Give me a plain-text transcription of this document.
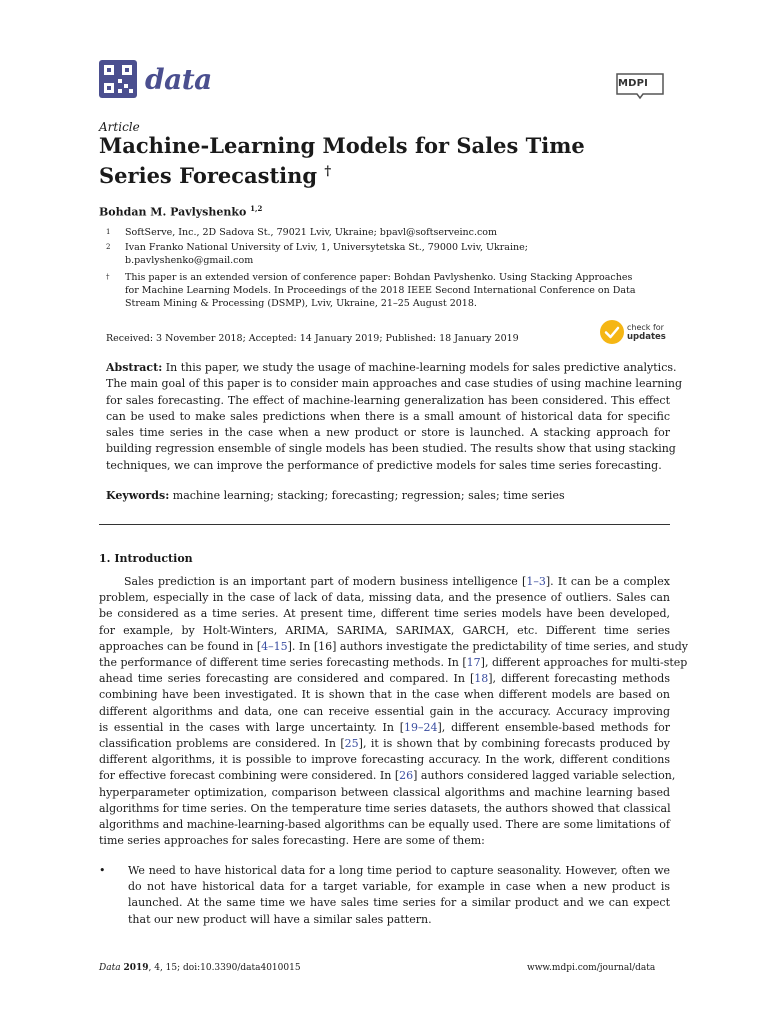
data	MDPI
Article
Machine-Learning Models for Sales Time
Series Forecasting †
Bohdan M. Pavlyshenko $^{1,2}$
1 SoftServe, Inc., 2D Sadova St., 79021 Lviv, Ukraine; bpavl@softserveinc.com
2 Ivan Franko National University of Lviv, 1, Universytetska St., 79000 Lviv, Ukraine;
b.pavlyshenko@gmail.com
† This paper is an extended version of conference paper: Bohdan Pavlyshenko. Using Stacking Approaches
for Machine Learning Models. In Proceedings of the 2018 IEEE Second International Conference on Data
Stream Mining & Processing (DSMP), Lviv, Ukraine, 21–25 August 2018.
Received: 3 November 2018; Accepted: 14 January 2019; Published: 18 January 2019
check for
updates
Abstract: In this paper, we study the usage of machine-learning models for sales predictive analytics.
The main goal of this paper is to consider main approaches and case studies of using machine learning
for sales forecasting. The effect of machine-learning generalization has been considered. This effect
can be used to make sales predictions when there is a small amount of historical data for specific
sales time series in the case when a new product or store is launched. A stacking approach for
building regression ensemble of single models has been studied. The results show that using stacking
techniques, we can improve the performance of predictive models for sales time series forecasting.
Keywords: machine learning; stacking; forecasting; regression; sales; time series
1. Introduction
Sales prediction is an important part of modern business intelligence [1–3]. It can be a complex
problem, especially in the case of lack of data, missing data, and the presence of outliers. Sales can
be considered as a time series. At present time, different time series models have been developed,
for example, by Holt-Winters, ARIMA, SARIMA, SARIMAX, GARCH, etc. Different time series
approaches can be found in [4–15]. In [16] authors investigate the predictability of time series, and study
the performance of different time series forecasting methods. In [17], different approaches for multi-step
ahead time series forecasting are considered and compared. In [18], different forecasting methods
combining have been investigated. It is shown that in the case when different models are based on
different algorithms and data, one can receive essential gain in the accuracy. Accuracy improving
is essential in the cases with large uncertainty. In [19–24], different ensemble-based methods for
classification problems are considered. In [25], it is shown that by combining forecasts produced by
different algorithms, it is possible to improve forecasting accuracy. In the work, different conditions
for effective forecast combining were considered. In [26] authors considered lagged variable selection,
hyperparameter optimization, comparison between classical algorithms and machine learning based
algorithms for time series. On the temperature time series datasets, the authors showed that classical
algorithms and machine-learning-based algorithms can be equally used. There are some limitations of
time series approaches for sales forecasting. Here are some of them:
•	We need to have historical data for a long time period to capture seasonality. However, often we
do not have historical data for a target variable, for example in case when a new product is
launched. At the same time we have sales time series for a similar product and we can expect
that our new product will have a similar sales pattern.
Data 2019, 4, 15; doi:10.3390/data4010015	www.mdpi.com/journal/data
